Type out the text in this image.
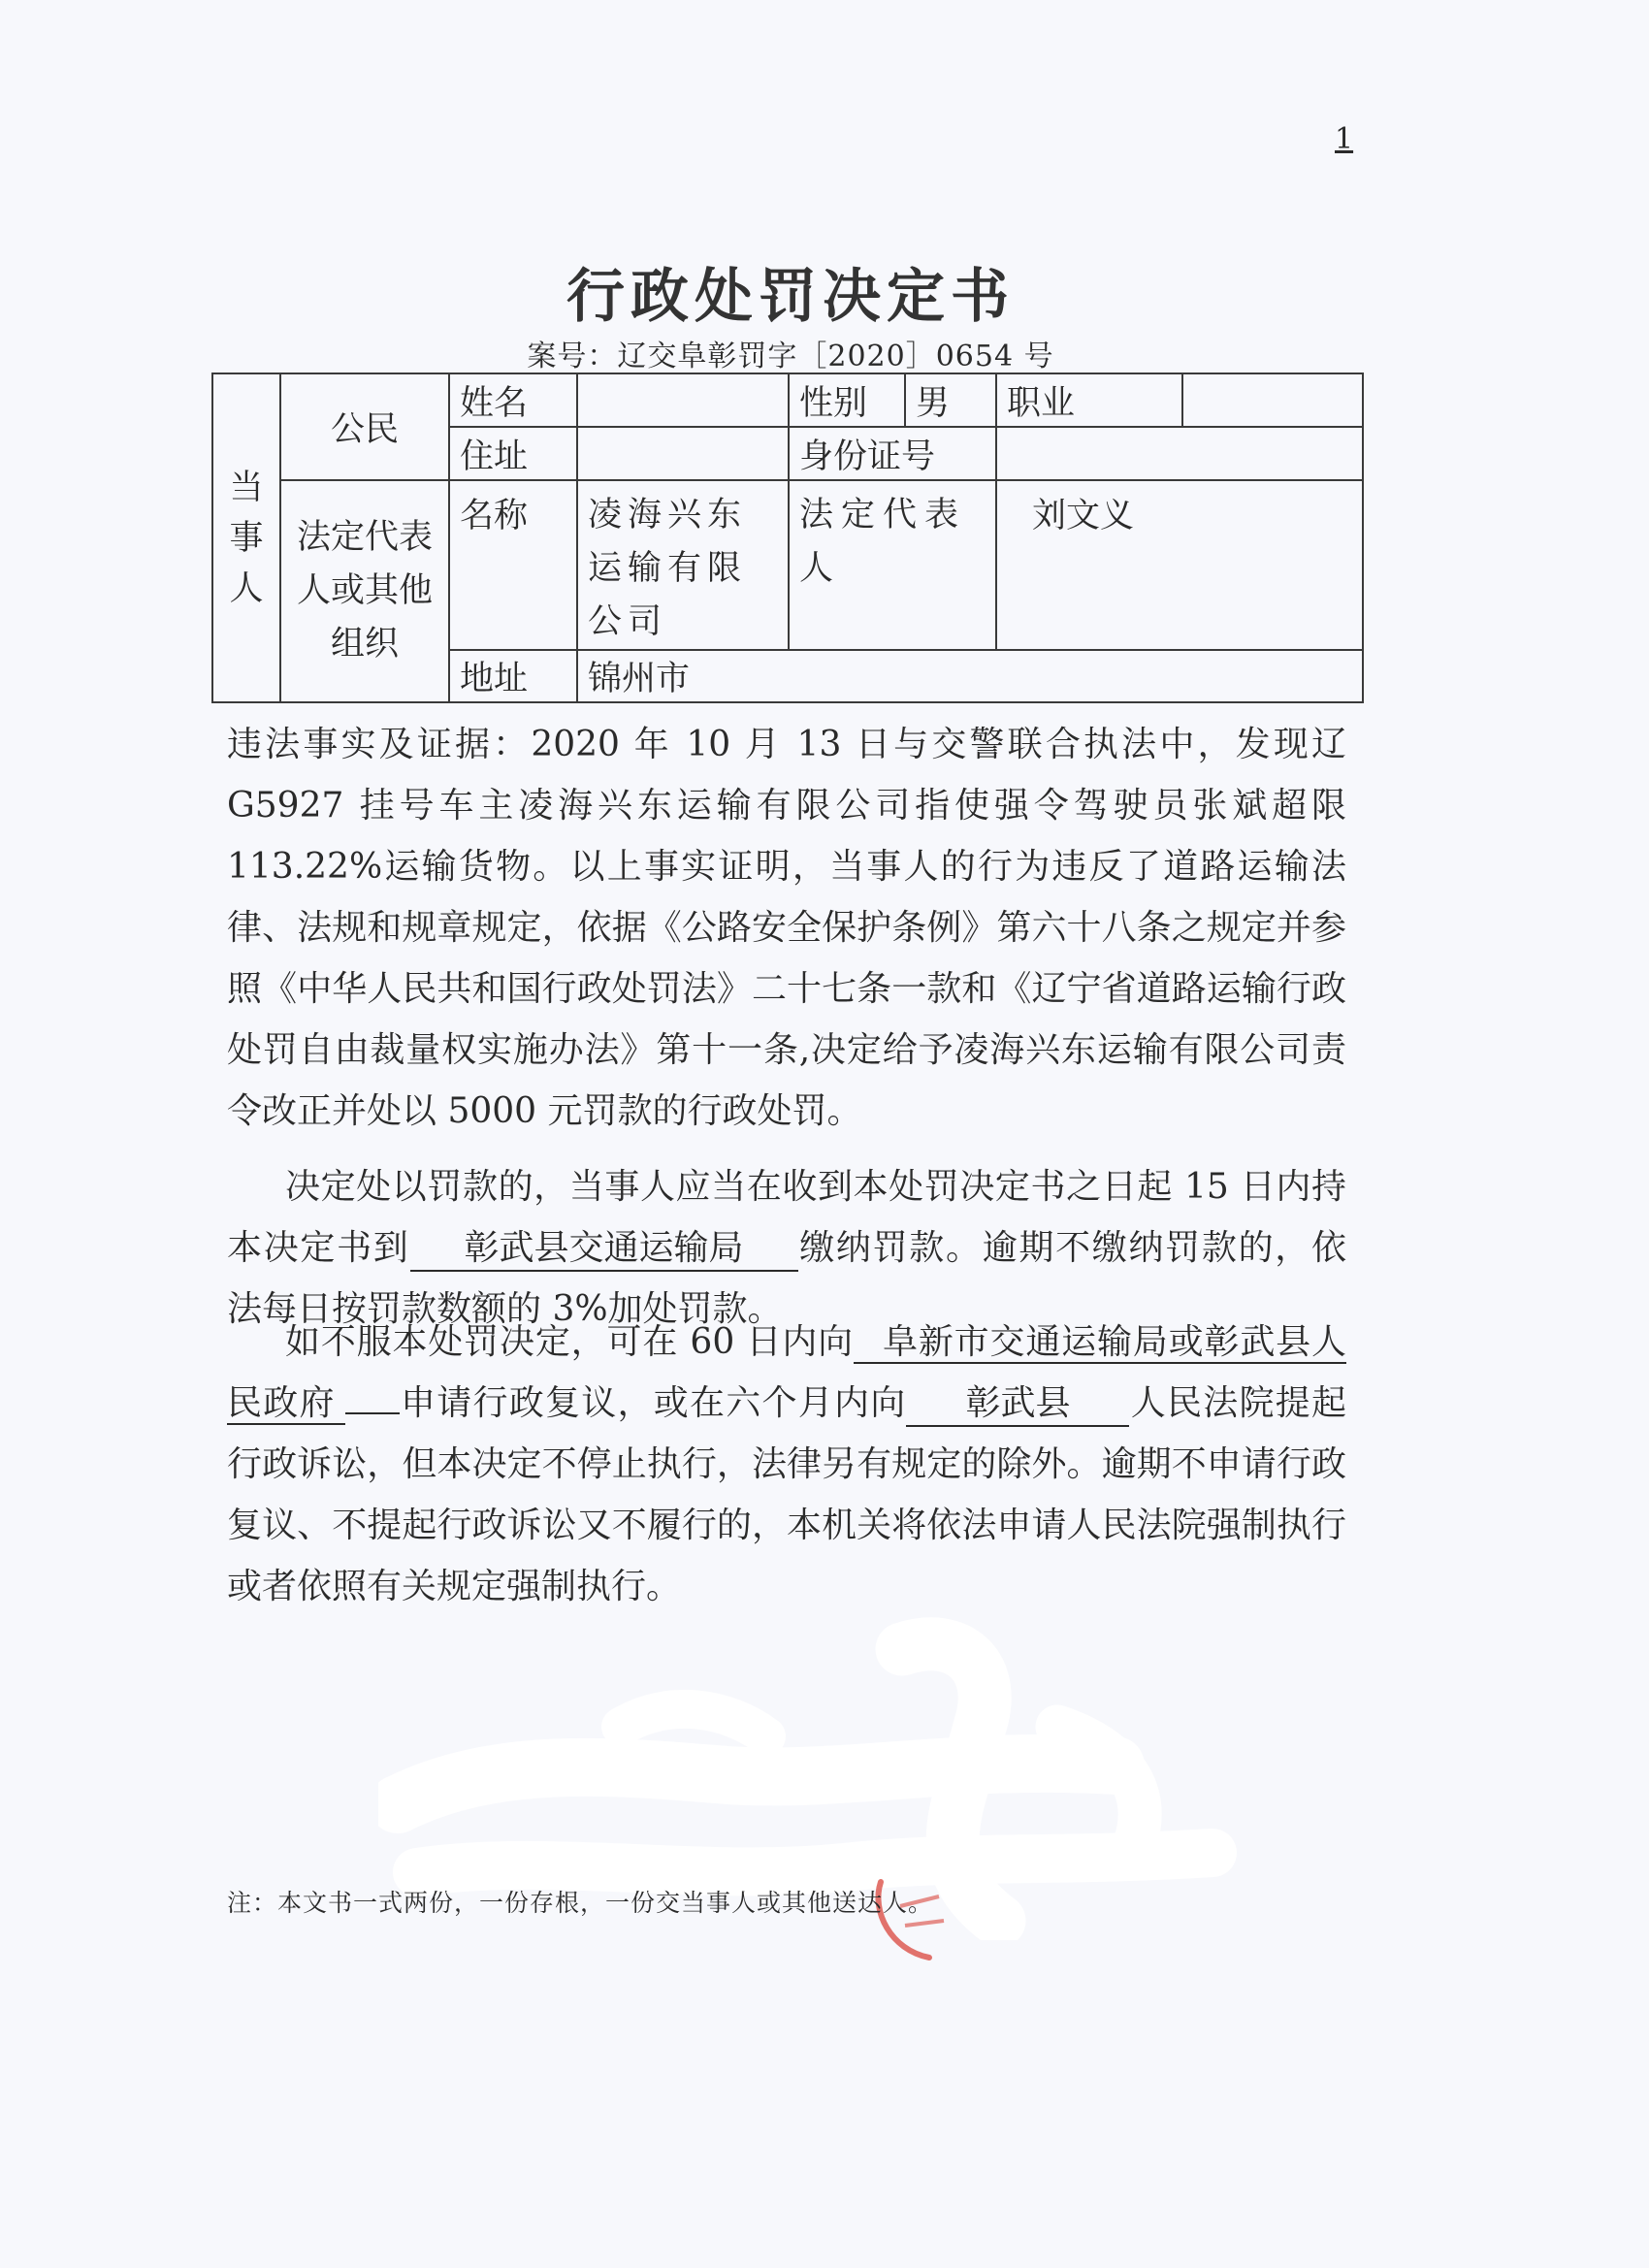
1
行政处罚决定书
案号：辽交阜彰罚字［2020］0654 号
当事人	公民	姓名		性别	男	职业	
		住址		身份证号			
	法定代表人或其他组织	名称	凌海兴东运输有限公司	法定代表人		刘文义	
		地址	锦州市				

违法事实及证据：2020 年 10 月 13 日与交警联合执法中，发现辽 G5927 挂号车主凌海兴东运输有限公司指使强令驾驶员张斌超限 113.22%运输货物。以上事实证明，当事人的行为违反了道路运输法律、法规和规章规定，依据《公路安全保护条例》第六十八条之规定并参照《中华人民共和国行政处罚法》二十七条一款和《辽宁省道路运输行政处罚自由裁量权实施办法》第十一条,决定给予凌海兴东运输有限公司责令改正并处以 5000 元罚款的行政处罚。

决定处以罚款的，当事人应当在收到本处罚决定书之日起 15 日内持本决定书到 彰武县交通运输局 缴纳罚款。逾期不缴纳罚款的，依法每日按罚款数额的 3%加处罚款。

如不服本处罚决定，可在 60 日内向 阜新市交通运输局或彰武县人民政府 申请行政复议，或在六个月内向 彰武县 人民法院提起行政诉讼，但本决定不停止执行，法律另有规定的除外。逾期不申请行政复议、不提起行政诉讼又不履行的，本机关将依法申请人民法院强制执行或者依照有关规定强制执行。

注：本文书一式两份，一份存根，一份交当事人或其他送达人。
